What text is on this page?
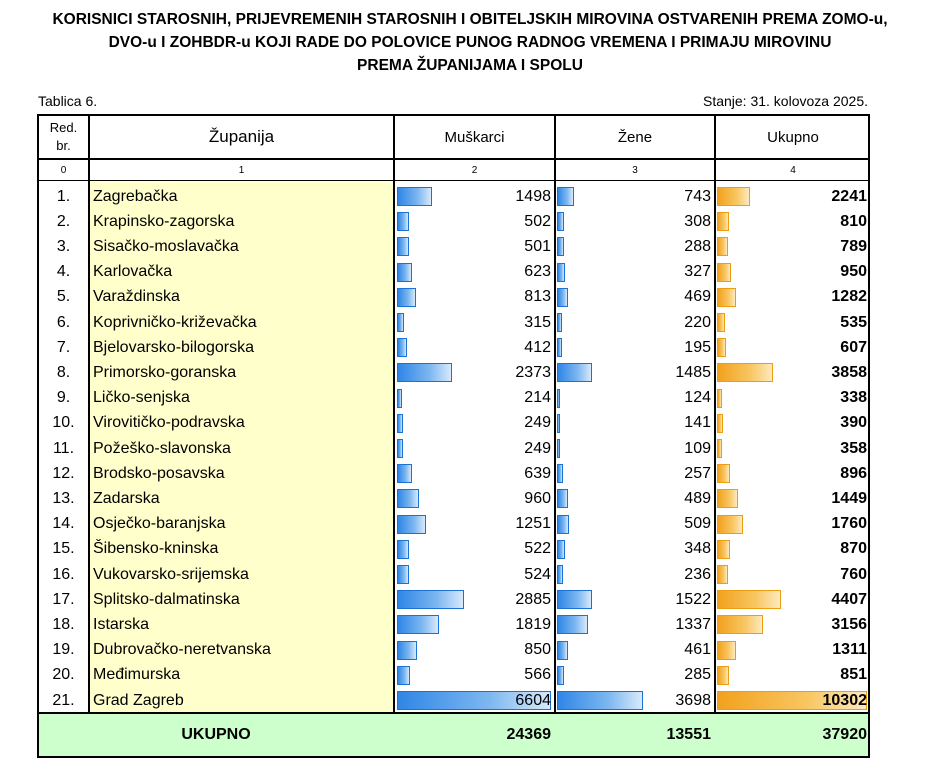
KORISNICI STAROSNIH, PRIJEVREMENIH STAROSNIH I OBITELJSKIH MIROVINA OSTVARENIH PREMA ZOMO-u,
DVO-u I ZOHBDR-u KOJI RADE DO POLOVICE PUNOG RADNOG VREMENA I PRIMAJU MIROVINU
PREMA ŽUPANIJAMA I SPOLU
Tablica 6.	Stanje: 31. kolovoza 2025.
Red.
br.	Županija	Muškarci	Žene	Ukupno
0	1	2	3	4
1.	Zagrebačka	1498	743	2241
2.	Krapinsko-zagorska	502	308	810
3.	Sisačko-moslavačka	501	288	789
4.	Karlovačka	623	327	950
5.	Varaždinska	813	469	1282
6.	Koprivničko-križevačka	315	220	535
7.	Bjelovarsko-bilogorska	412	195	607
8.	Primorsko-goranska	2373	1485	3858
9.	Ličko-senjska	214	124	338
10.	Virovitičko-podravska	249	141	390
11.	Požeško-slavonska	249	109	358
12.	Brodsko-posavska	639	257	896
13.	Zadarska	960	489	1449
14.	Osječko-baranjska	1251	509	1760
15.	Šibensko-kninska	522	348	870
16.	Vukovarsko-srijemska	524	236	760
17.	Splitsko-dalmatinska	2885	1522	4407
18.	Istarska	1819	1337	3156
19.	Dubrovačko-neretvanska	850	461	1311
20.	Međimurska	566	285	851
21.	Grad Zagreb	6604	3698	10302
UKUPNO	24369	13551	37920
